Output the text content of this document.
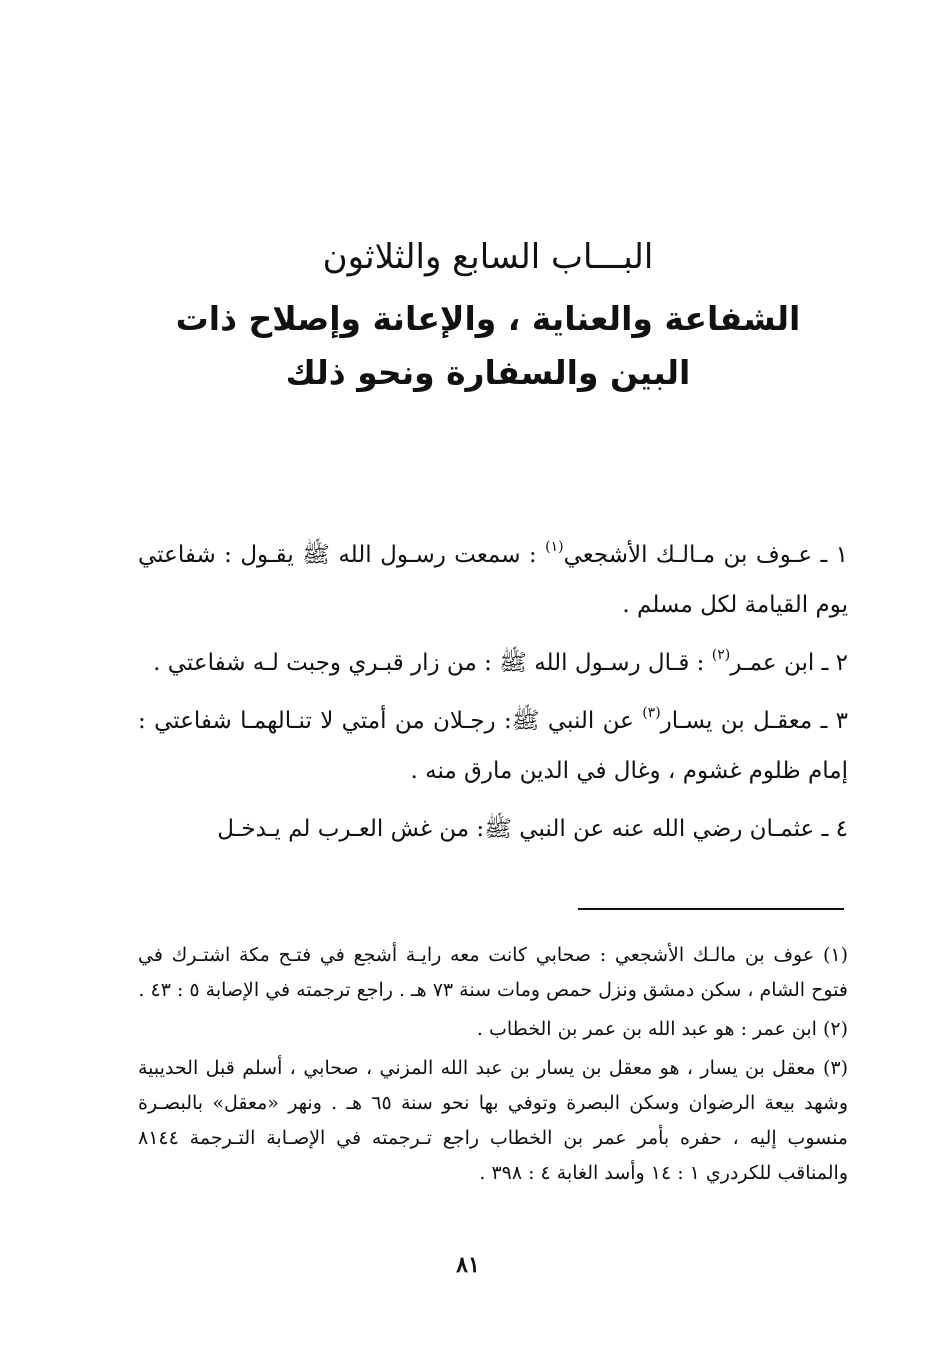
البـــاب السابع والثلاثون

الشفاعة والعناية ، والإعانة وإصلاح ذات
البين والسفارة ونحو ذلك

١ ـ عـوف بن مـالـك الأشجعي$^{(١)}$ : سمعت رسـول الله ﷺ يقـول : شفاعتي يوم القيامة لكل مسلم .

٢ ـ ابن عمـر$^{(٢)}$ : قـال رسـول الله ﷺ : من زار قبـري وجبت لـه شفاعتي .

٣ ـ معقـل بن يسـار$^{(٣)}$ عن النبي ﷺ: رجـلان من أمتي لا تنـالهمـا شفاعتي : إمام ظلوم غشوم ، وغال في الدين مارق منه .

٤ ـ عثمـان رضي الله عنه عن النبي ﷺ: من غش العـرب لم يـدخـل

(١) عوف بن مالـك الأشجعي : صحابي كانت معه رايـة أشجع في فتـح مكة اشتـرك في فتوح الشام ، سكن دمشق ونزل حمص ومات سنة ٧٣ هـ . راجع ترجمته في الإصابة ٥ : ٤٣ .

(٢) ابن عمر : هو عبد الله بن عمر بن الخطاب .

(٣) معقل بن يسار ، هو معقل بن يسار بن عبد الله المزني ، صحابي ، أسلم قبل الحديبية وشهد بيعة الرضوان وسكن البصرة وتوفي بها نحو سنة ٦٥ هـ . ونهر «معقل» بالبصـرة منسوب إليه ، حفره بأمر عمر بن الخطاب راجع تـرجمته في الإصـابة التـرجمة ٨١٤٤ والمناقب للكردري ١ : ١٤ وأسد الغابة ٤ : ٣٩٨ .

٨١
